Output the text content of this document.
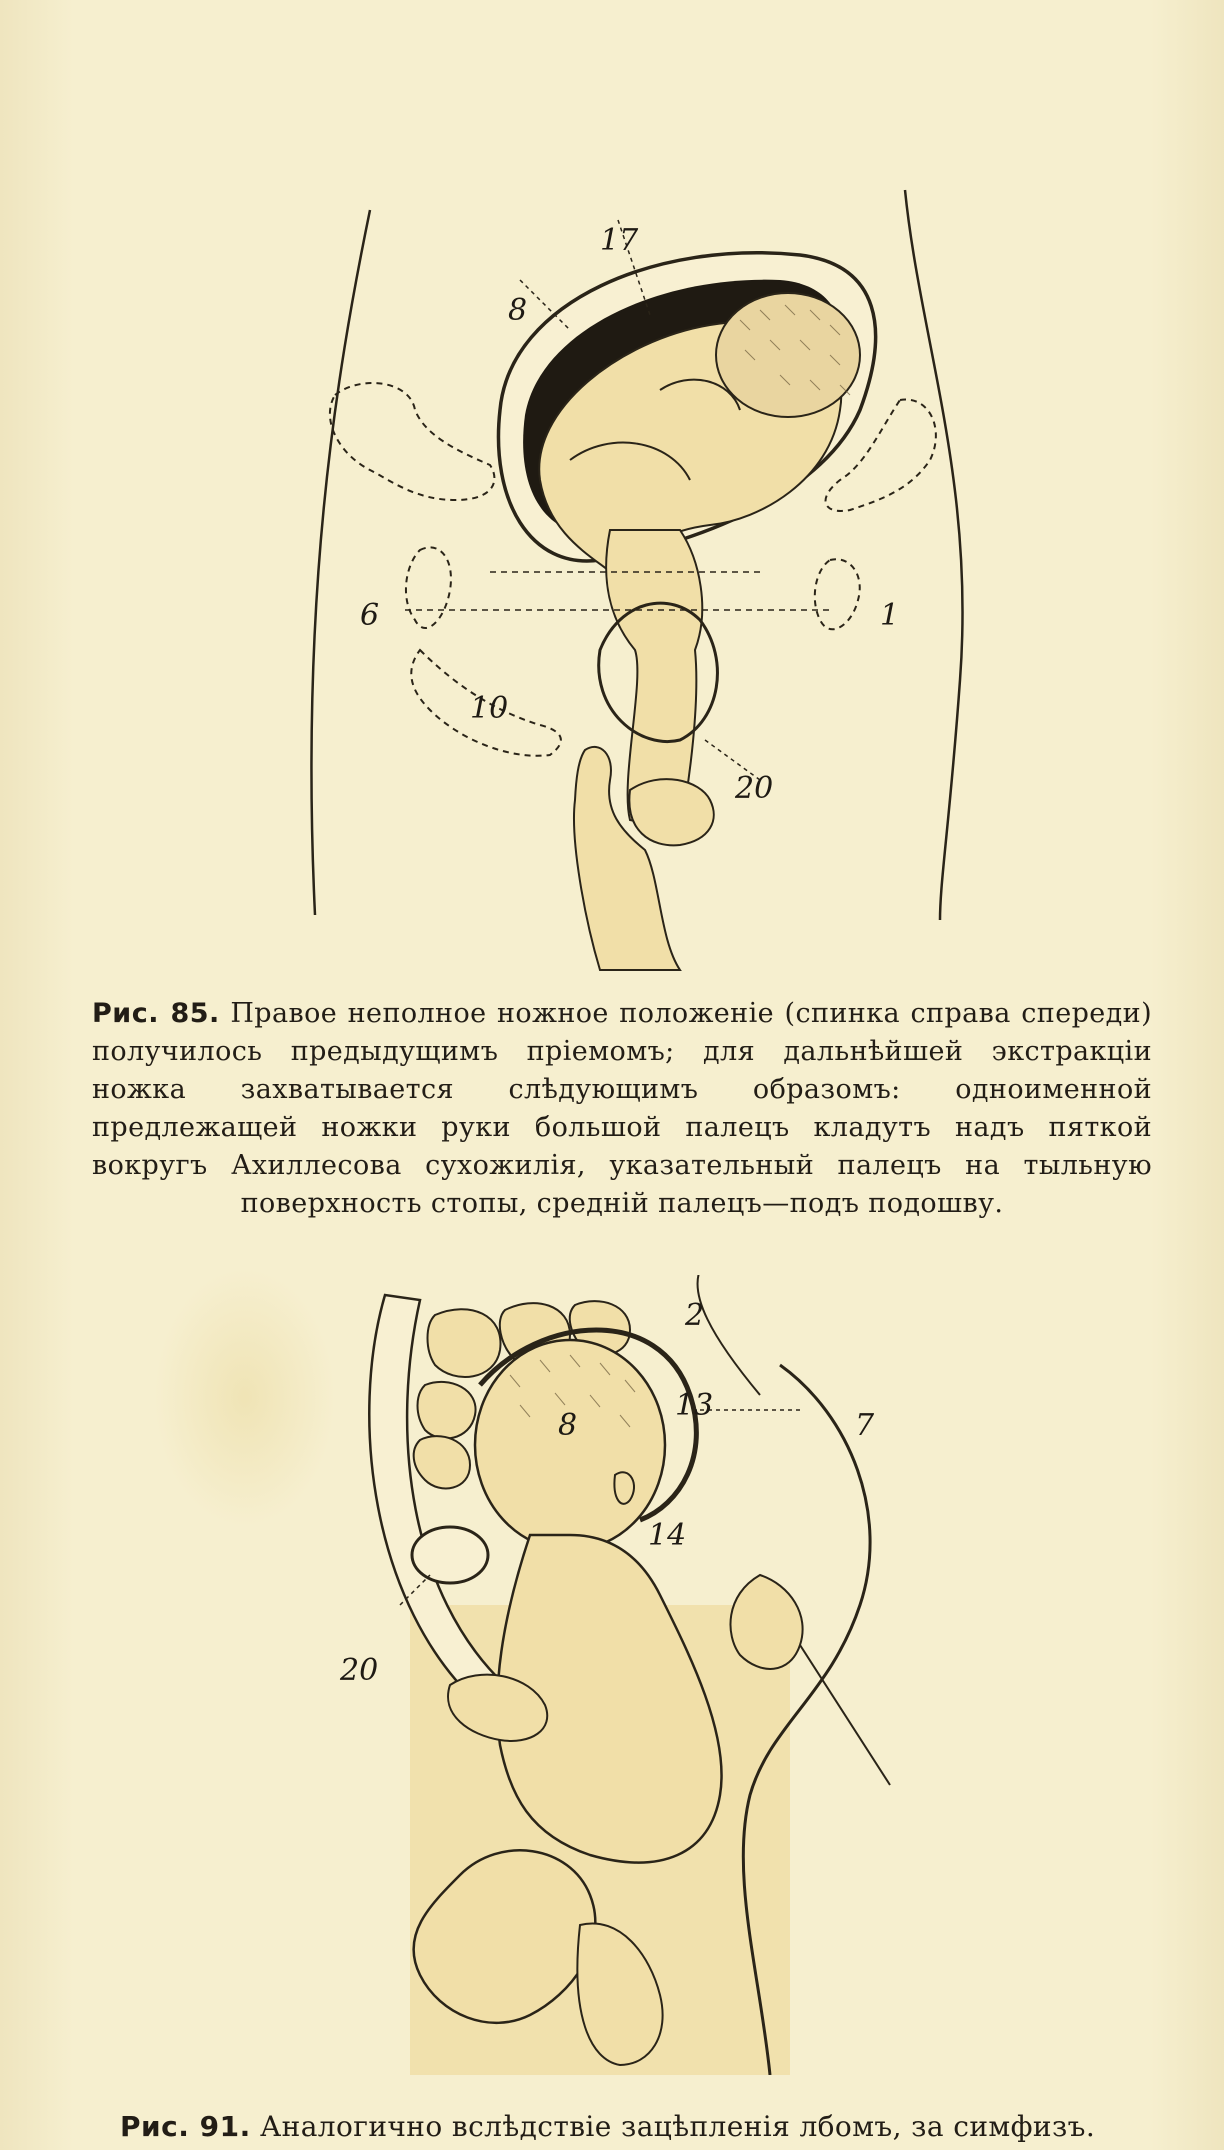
17
8
6	1
10
20
Рис. 85. Правое неполное ножное положеніе (спинка справа спереди) получилось предыдущимъ пріемомъ; для дальнѣйшей экстракціи ножка захватывается слѣдующимъ образомъ: одноименной предлежащей ножки руки большой палецъ кладутъ надъ пяткой вокругъ Ахиллесова сухожилія, указательный палецъ на тыльную поверхность стопы, средній палецъ—подъ подошву.
2
8
13
7
14
20
Рис. 91. Аналогично вслѣдствіе зацѣпленія лбомъ, за симфизъ.
